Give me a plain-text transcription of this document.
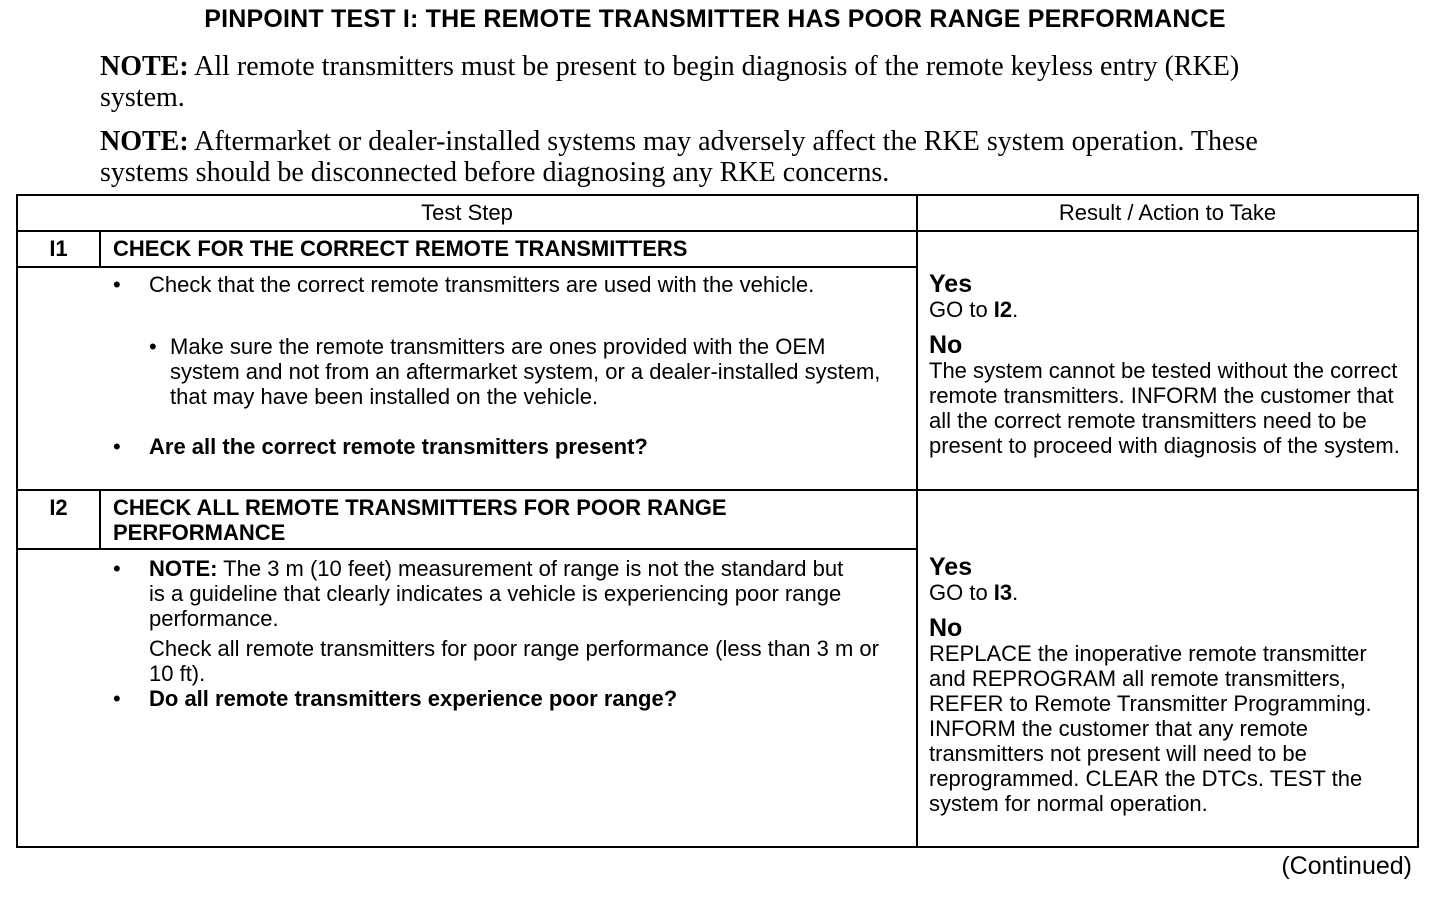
PINPOINT TEST I: THE REMOTE TRANSMITTER HAS POOR RANGE PERFORMANCE
NOTE: All remote transmitters must be present to begin diagnosis of the remote keyless entry (RKE) system.
NOTE: Aftermarket or dealer-installed systems may adversely affect the RKE system operation. These systems should be disconnected before diagnosing any RKE concerns.
Test Step	Result / Action to Take
I1	CHECK FOR THE CORRECT REMOTE TRANSMITTERS
• Check that the correct remote transmitters are used with the vehicle.
• Make sure the remote transmitters are ones provided with the OEM system and not from an aftermarket system, or a dealer-installed system, that may have been installed on the vehicle.
• Are all the correct remote transmitters present?
Yes
GO to I2.
No
The system cannot be tested without the correct remote transmitters. INFORM the customer that all the correct remote transmitters need to be present to proceed with diagnosis of the system.
I2	CHECK ALL REMOTE TRANSMITTERS FOR POOR RANGE PERFORMANCE
• NOTE: The 3 m (10 feet) measurement of range is not the standard but is a guideline that clearly indicates a vehicle is experiencing poor range performance.
Check all remote transmitters for poor range performance (less than 3 m or 10 ft).
• Do all remote transmitters experience poor range?
Yes
GO to I3.
No
REPLACE the inoperative remote transmitter and REPROGRAM all remote transmitters, REFER to Remote Transmitter Programming. INFORM the customer that any remote transmitters not present will need to be reprogrammed. CLEAR the DTCs. TEST the system for normal operation.
(Continued)
